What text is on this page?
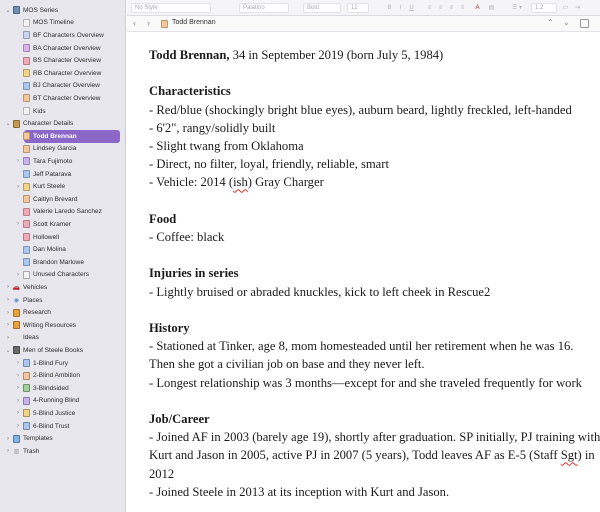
⌄ MOS Series
MOS Timeline
BF Characters Overview
BA Character Overview
BS Character Overview
RB Character Overview
BJ Character Overview
BT Character Overview
Kids
⌄ Character Details
Todd Brennan
Lindsey Garcia
›	Tara Fujimoto
Jeff Patarava
›	Kurt Steele
Caitlyn Brevard
Valerie Laredo Sanchez
›	Scott Kramer
Hollowell
Dan Molina
Brandon Marlowe
›	Unused Characters
› 🚗 Vehicles
› ◉ Places
›	Research
›	Writing Resources
› ◌ Ideas
⌄ Men of Steele Books
›	1-Blind Fury
›	2-Blind Ambition
›	3-Blindsided
›	4-Running Blind
›	5-Blind Justice
›	6-Blind Trust
›	Templates
› ▥ Trash
No Style	Palatino	Bold	12	B	I	U	≡	≡	≡	≡	A	▤	☰ ▾	1.2	▭	⇥
‹ ›	Todd Brennan	⌃ ⌄
Todd Brennan, 34 in September 2019 (born July 5, 1984)
Characteristics
- Red/blue (shockingly bright blue eyes), auburn beard, lightly freckled, left-handed
- 6'2", rangy/solidly built
- Slight twang from Oklahoma
- Direct, no filter, loyal, friendly, reliable, smart
- Vehicle: 2014 (ish) Gray Charger
Food
- Coffee: black
Injuries in series
- Lightly bruised or abraded knuckles, kick to left cheek in Rescue2
History
- Stationed at Tinker, age 8, mom homesteaded until her retirement when he was 16.
Then she got a civilian job on base and they never left.
- Longest relationship was 3 months—except for and she traveled frequently for work
Job/Career
- Joined AF in 2003 (barely age 19), shortly after graduation. SP initially, PJ training with
Kurt and Jason in 2005, active PJ in 2007 (5 years), Todd leaves AF as E-5 (Staff Sgt) in
2012
- Joined Steele in 2013 at its inception with Kurt and Jason.
